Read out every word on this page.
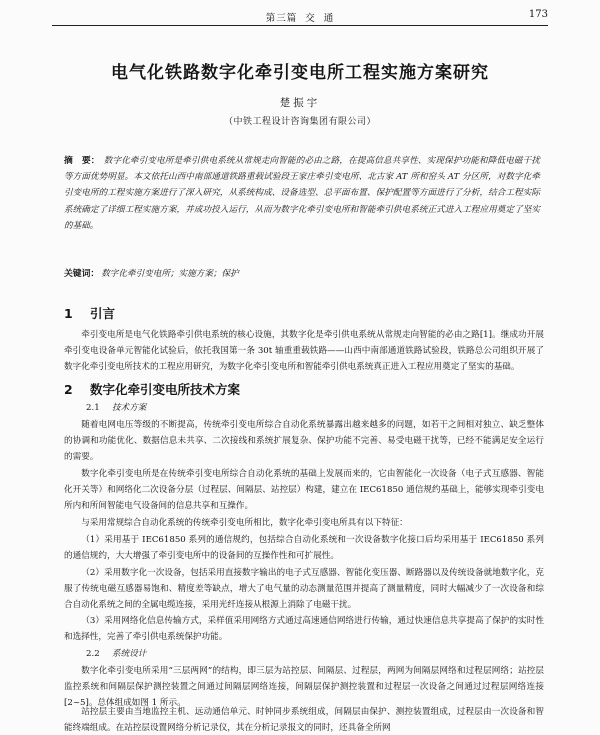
第三篇 交 通	173
电气化铁路数字化牵引变电所工程实施方案研究
楚振宇
（中铁工程设计咨询集团有限公司）
摘　要： 数字化牵引变电所是牵引供电系统从常规走向智能的必由之路，在提高信息共享性、实现保护功能和降低电磁干扰等方面优势明显。本文依托山西中南部通道铁路重载试验段王家庄牵引变电所、北古家 AT 所和窑头 AT 分区所，对数字化牵引变电所的工程实施方案进行了深入研究，从系统构成、设备选型、总平面布置、保护配置等方面进行了分析，结合工程实际系统确定了详细工程实施方案，并成功投入运行，从而为数字化牵引变电所和智能牵引供电系统正式进入工程应用奠定了坚实的基础。
关键词： 数字化牵引变电所；实施方案；保护
1 引言
牵引变电所是电气化铁路牵引供电系统的核心设施，其数字化是牵引供电系统从常规走向智能的必由之路[1]。继成功开展牵引变电设备单元智能化试验后，依托我国第一条 30t 轴重重载铁路——山西中南部通道铁路试验段，铁路总公司组织开展了数字化牵引变电所技术的工程应用研究，为数字化牵引变电所和智能牵引供电系统真正进入工程应用奠定了坚实的基础。
2 数字化牵引变电所技术方案
2.1 技术方案
随着电网电压等级的不断提高，传统牵引变电所综合自动化系统暴露出越来越多的问题，如若干之间相对独立、缺乏整体的协调和功能优化、数据信息未共享、二次接线和系统扩展复杂、保护功能不完善、易受电磁干扰等，已经不能满足安全运行的需要。
数字化牵引变电所是在传统牵引变电所综合自动化系统的基础上发展而来的，它由智能化一次设备（电子式互感器、智能化开关等）和网络化二次设备分层（过程层、间隔层、站控层）构建，建立在 IEC61850 通信规约基础上，能够实现牵引变电所内和所间智能电气设备间的信息共享和互操作。
与采用常规综合自动化系统的传统牵引变电所相比，数字化牵引变电所具有以下特征：
（1）采用基于 IEC61850 系列的通信规约，包括综合自动化系统和一次设备数字化接口后均采用基于 IEC61850 系列的通信规约，大大增强了牵引变电所中的设备间的互操作性和可扩展性。
（2）采用数字化一次设备，包括采用直接数字输出的电子式互感器、智能化变压器、断路器以及传统设备就地数字化，克服了传统电磁互感器易饱和、精度差等缺点，增大了电气量的动态测量范围并提高了测量精度，同时大幅减少了一次设备和综合自动化系统之间的全属电缆连接，采用光纤连接从根源上消除了电磁干扰。
（3）采用网络化信息传输方式，采样值采用网络方式通过高速通信网络进行传输，通过快速信息共享提高了保护的实时性和选择性，完善了牵引供电系统保护功能。
2.2 系统设计
数字化牵引变电所采用“三层两网”的结构，即三层为站控层、间隔层、过程层，两网为间隔层网络和过程层网络；站控层监控系统和间隔层保护测控装置之间通过间隔层网络连接，间隔层保护测控装置和过程层一次设备之间通过过程层网络连接[2~5]。总体组成如图 1 所示。
站控层主要由当地监控主机、远动通信单元、时钟同步系统组成，间隔层由保护、测控装置组成，过程层由一次设备和智能终端组成。在站控层设置网络分析记录仪，其在分析记录报文的同时，还具备全所网
